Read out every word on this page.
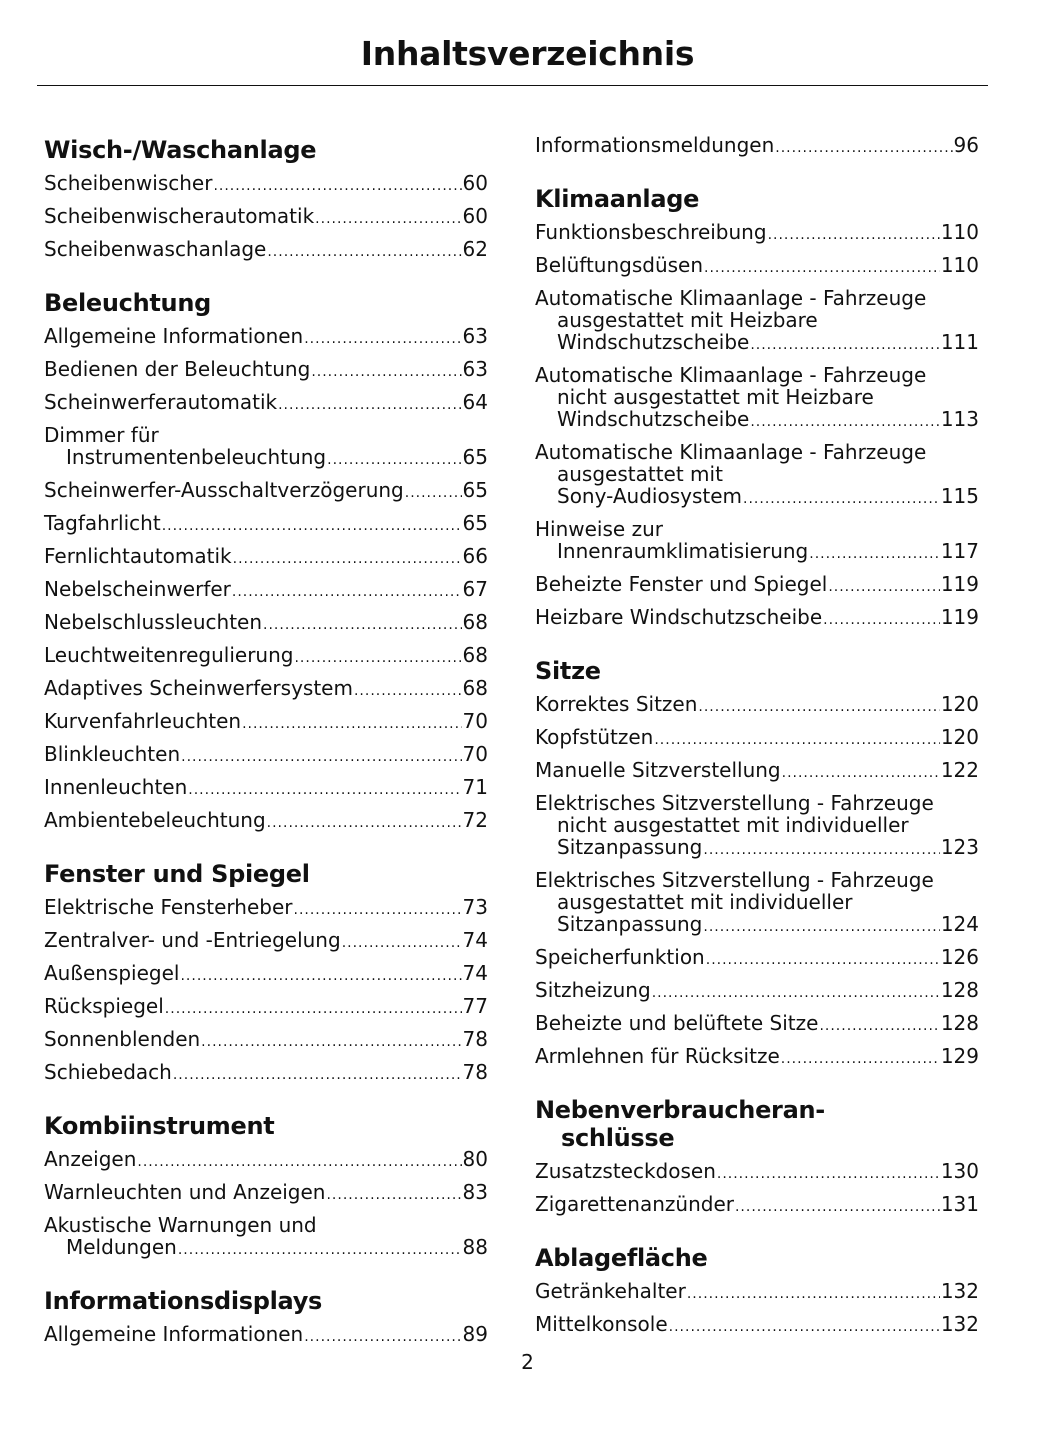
Inhaltsverzeichnis
Wisch-/Waschanlage
Scheibenwischer .....	60
Scheibenwischerautomatik .....	60
Scheibenwaschanlage .....	62
Beleuchtung
Allgemeine Informationen .....	63
Bedienen der Beleuchtung .....	63
Scheinwerferautomatik .....	64
Dimmer für
Instrumentenbeleuchtung .....	65
Scheinwerfer-Ausschaltverzögerung .....	65
Tagfahrlicht .....	65
Fernlichtautomatik .....	66
Nebelscheinwerfer .....	67
Nebelschlussleuchten .....	68
Leuchtweitenregulierung .....	68
Adaptives Scheinwerfersystem .....	68
Kurvenfahrleuchten .....	70
Blinkleuchten .....	70
Innenleuchten .....	71
Ambientebeleuchtung .....	72
Fenster und Spiegel
Elektrische Fensterheber .....	73
Zentralver- und -Entriegelung .....	74
Außenspiegel .....	74
Rückspiegel .....	77
Sonnenblenden .....	78
Schiebedach .....	78
Kombiinstrument
Anzeigen .....	80
Warnleuchten und Anzeigen .....	83
Akustische Warnungen und
Meldungen .....	88
Informationsdisplays
Allgemeine Informationen .....	89
Informationsmeldungen .....	96
Klimaanlage
Funktionsbeschreibung .....	110
Belüftungsdüsen .....	110
Automatische Klimaanlage - Fahrzeuge
ausgestattet mit Heizbare
Windschutzscheibe .....	111
Automatische Klimaanlage - Fahrzeuge
nicht ausgestattet mit Heizbare
Windschutzscheibe .....	113
Automatische Klimaanlage - Fahrzeuge
ausgestattet mit
Sony-Audiosystem .....	115
Hinweise zur
Innenraumklimatisierung .....	117
Beheizte Fenster und Spiegel .....	119
Heizbare Windschutzscheibe .....	119
Sitze
Korrektes Sitzen .....	120
Kopfstützen .....	120
Manuelle Sitzverstellung .....	122
Elektrisches Sitzverstellung - Fahrzeuge
nicht ausgestattet mit individueller
Sitzanpassung .....	123
Elektrisches Sitzverstellung - Fahrzeuge
ausgestattet mit individueller
Sitzanpassung .....	124
Speicherfunktion .....	126
Sitzheizung .....	128
Beheizte und belüftete Sitze .....	128
Armlehnen für Rücksitze .....	129
Nebenverbraucheran-
schlüsse
Zusatzsteckdosen .....	130
Zigarettenanzünder .....	131
Ablagefläche
Getränkehalter .....	132
Mittelkonsole .....	132
2
